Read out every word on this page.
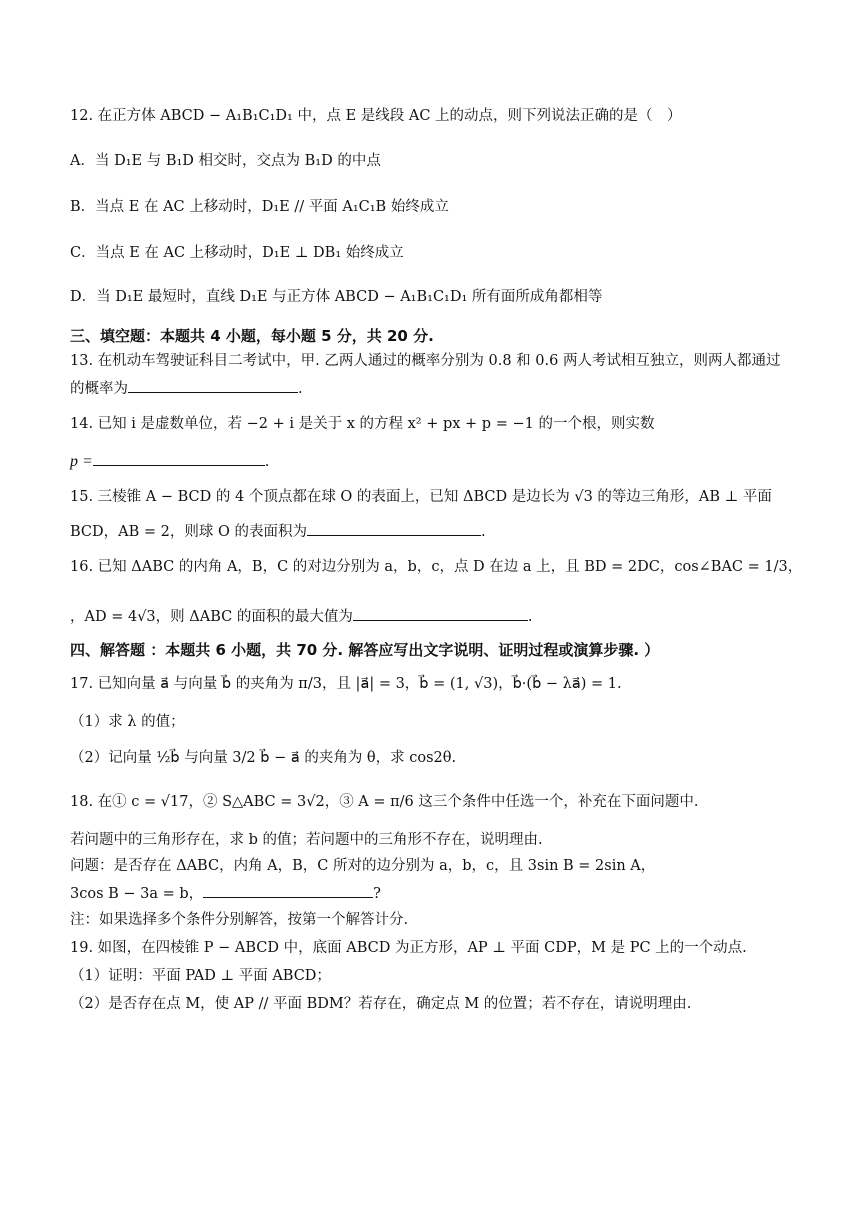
12. 在正方体 ABCD − A₁B₁C₁D₁ 中，点 E 是线段 AC 上的动点，则下列说法正确的是（　）
A．当 D₁E 与 B₁D 相交时，交点为 B₁D 的中点
B．当点 E 在 AC 上移动时，D₁E // 平面 A₁C₁B 始终成立
C．当点 E 在 AC 上移动时，D₁E ⊥ DB₁ 始终成立
D．当 D₁E 最短时，直线 D₁E 与正方体 ABCD − A₁B₁C₁D₁ 所有面所成角都相等
三、填空题：本题共 4 小题，每小题 5 分，共 20 分.
13. 在机动车驾驶证科目二考试中，甲. 乙两人通过的概率分别为 0.8 和 0.6 两人考试相互独立，则两人都通过
的概率为	.
14. 已知 i 是虚数单位，若 −2 + i 是关于 x 的方程 x² + px + p = −1 的一个根，则实数
p =	.
15. 三棱锥 A − BCD 的 4 个顶点都在球 O 的表面上，已知 ΔBCD 是边长为 √3 的等边三角形，AB ⊥ 平面
BCD，AB = 2，则球 O 的表面积为	.
16. 已知 ΔABC 的内角 A，B，C 的对边分别为 a，b，c，点 D 在边 a 上，且 BD = 2DC，cos∠BAC = 1/3，
，AD = 4√3，则 ΔABC 的面积的最大值为	.
四、解答题 ：本题共 6 小题，共 70 分. 解答应写出文字说明、证明过程或演算步骤. ）
17. 已知向量 a⃗ 与向量 b⃗ 的夹角为 π/3，且 |a⃗| = 3，b⃗ = (1, √3)，b⃗·(b⃗ − λa⃗) = 1.
（1）求 λ 的值；
（2）记向量 ½b⃗ 与向量 3/2 b⃗ − a⃗ 的夹角为 θ，求 cos2θ.
18. 在① c = √17，② S△ABC = 3√2，③ A = π/6 这三个条件中任选一个，补充在下面问题中.
若问题中的三角形存在，求 b 的值；若问题中的三角形不存在，说明理由.
问题：是否存在 ΔABC，内角 A，B，C 所对的边分别为 a，b，c，且 3sin B = 2sin A，
3cos B − 3a = b，	?
注：如果选择多个条件分别解答，按第一个解答计分.
19. 如图，在四棱锥 P − ABCD 中，底面 ABCD 为正方形，AP ⊥ 平面 CDP，M 是 PC 上的一个动点.
（1）证明：平面 PAD ⊥ 平面 ABCD；
（2）是否存在点 M，使 AP // 平面 BDM？若存在，确定点 M 的位置；若不存在，请说明理由.
